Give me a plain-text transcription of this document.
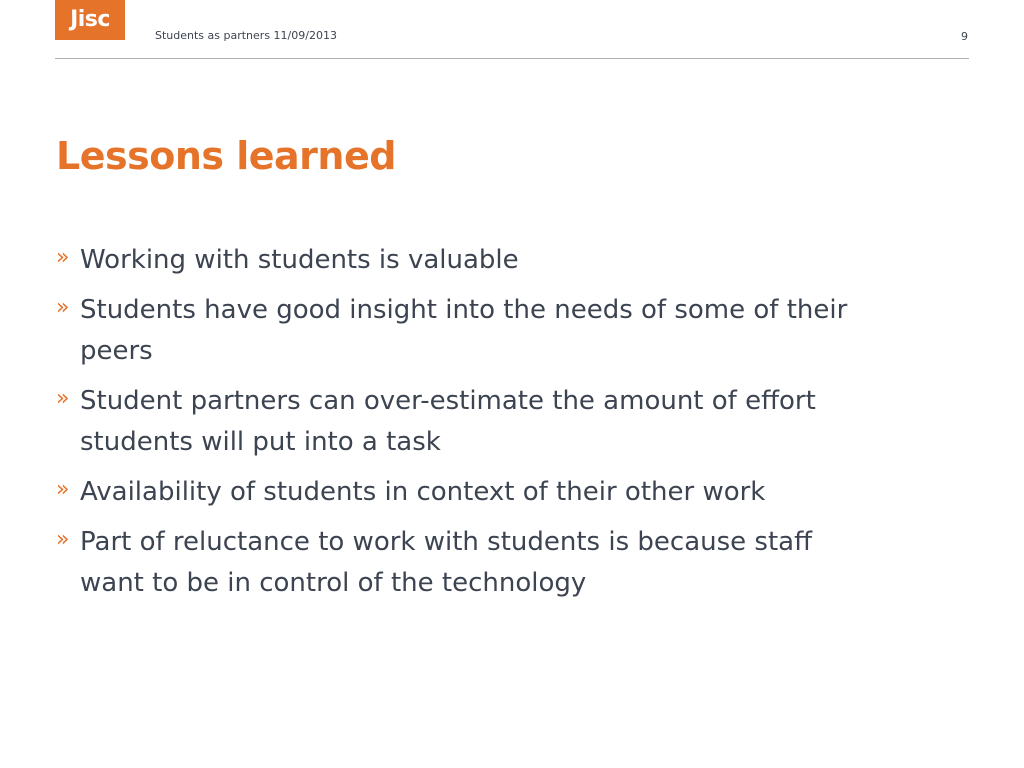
Jisc
Students as partners 11/09/2013	9
Lessons learned
» Working with students is valuable
» Students have good insight into the needs of some of their peers
» Student partners can over-estimate the amount of effort students will put into a task
» Availability of students in context of their other work
» Part of reluctance to work with students is because staff want to be in control of the technology
